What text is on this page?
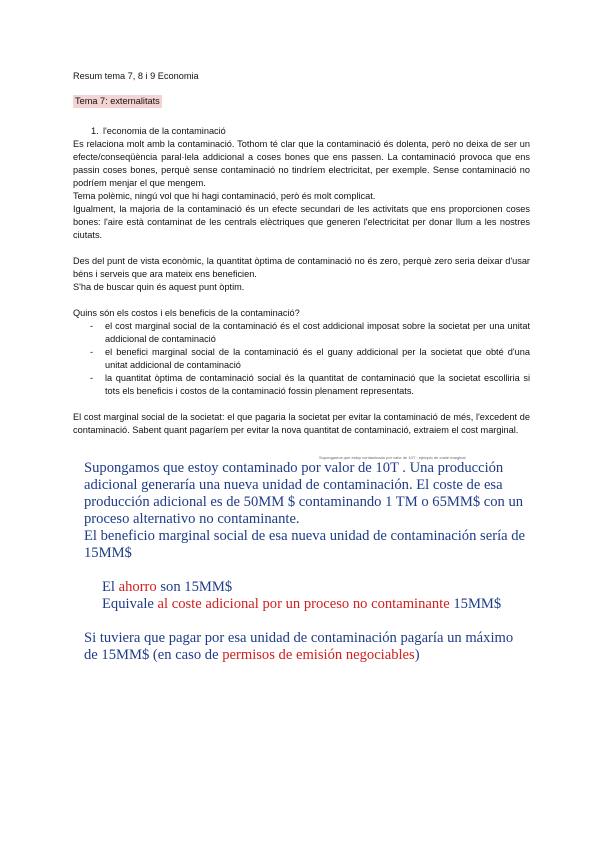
Resum tema 7, 8 i 9 Economia
Tema 7: externalitats
1. l'economia de la contaminació

Es relaciona molt amb la contaminació. Tothom té clar que la contaminació és dolenta, però no deixa de ser un efecte/conseqüència paral·lela addicional a coses bones que ens passen. La contaminació provoca que ens passin coses bones, perquè sense contaminació no tindríem electricitat, per exemple. Sense contaminació no podríem menjar el que mengem.

Tema polèmic, ningú vol que hi hagi contaminació, però és molt complicat.

Igualment, la majoria de la contaminació és un efecte secundari de les activitats que ens proporcionen coses bones: l'aire està contaminat de les centrals elèctriques que generen l'electricitat per donar llum a les nostres ciutats.

Des del punt de vista econòmic, la quantitat òptima de contaminació no és zero, perquè zero seria deixar d'usar béns i serveis que ara mateix ens beneficien.

S'ha de buscar quin és aquest punt òptim.

Quins són els costos i els beneficis de la contaminació?

- el cost marginal social de la contaminació és el cost addicional imposat sobre la societat per una unitat addicional de contaminació
- el benefici marginal social de la contaminació és el guany addicional per la societat que obté d'una unitat addicional de contaminació
- la quantitat òptima de contaminació social és la quantitat de contaminació que la societat escolliria si tots els beneficis i costos de la contaminació fossin plenament representats.

El cost marginal social de la societat: el que pagaria la societat per evitar la contaminació de més, l'excedent de contaminació. Sabent quant pagaríem per evitar la nova quantitat de contaminació, extraiem el cost marginal.

Supongamos que estoy contaminado por valor de 10T · ejemplo de coste marginal

Supongamos que estoy contaminado por valor de 10T . Una producción adicional generaría una nueva unidad de contaminación. El coste de esa producción adicional es de 50MM $ contaminando 1 TM o 65MM$ con un proceso alternativo no contaminante.

El beneficio marginal social de esa nueva unidad de contaminación sería de 15MM$

El ahorro son 15MM$

Equivale al coste adicional por un proceso no contaminante 15MM$

Si tuviera que pagar por esa unidad de contaminación pagaría un máximo de 15MM$ (en caso de permisos de emisión negociables)
